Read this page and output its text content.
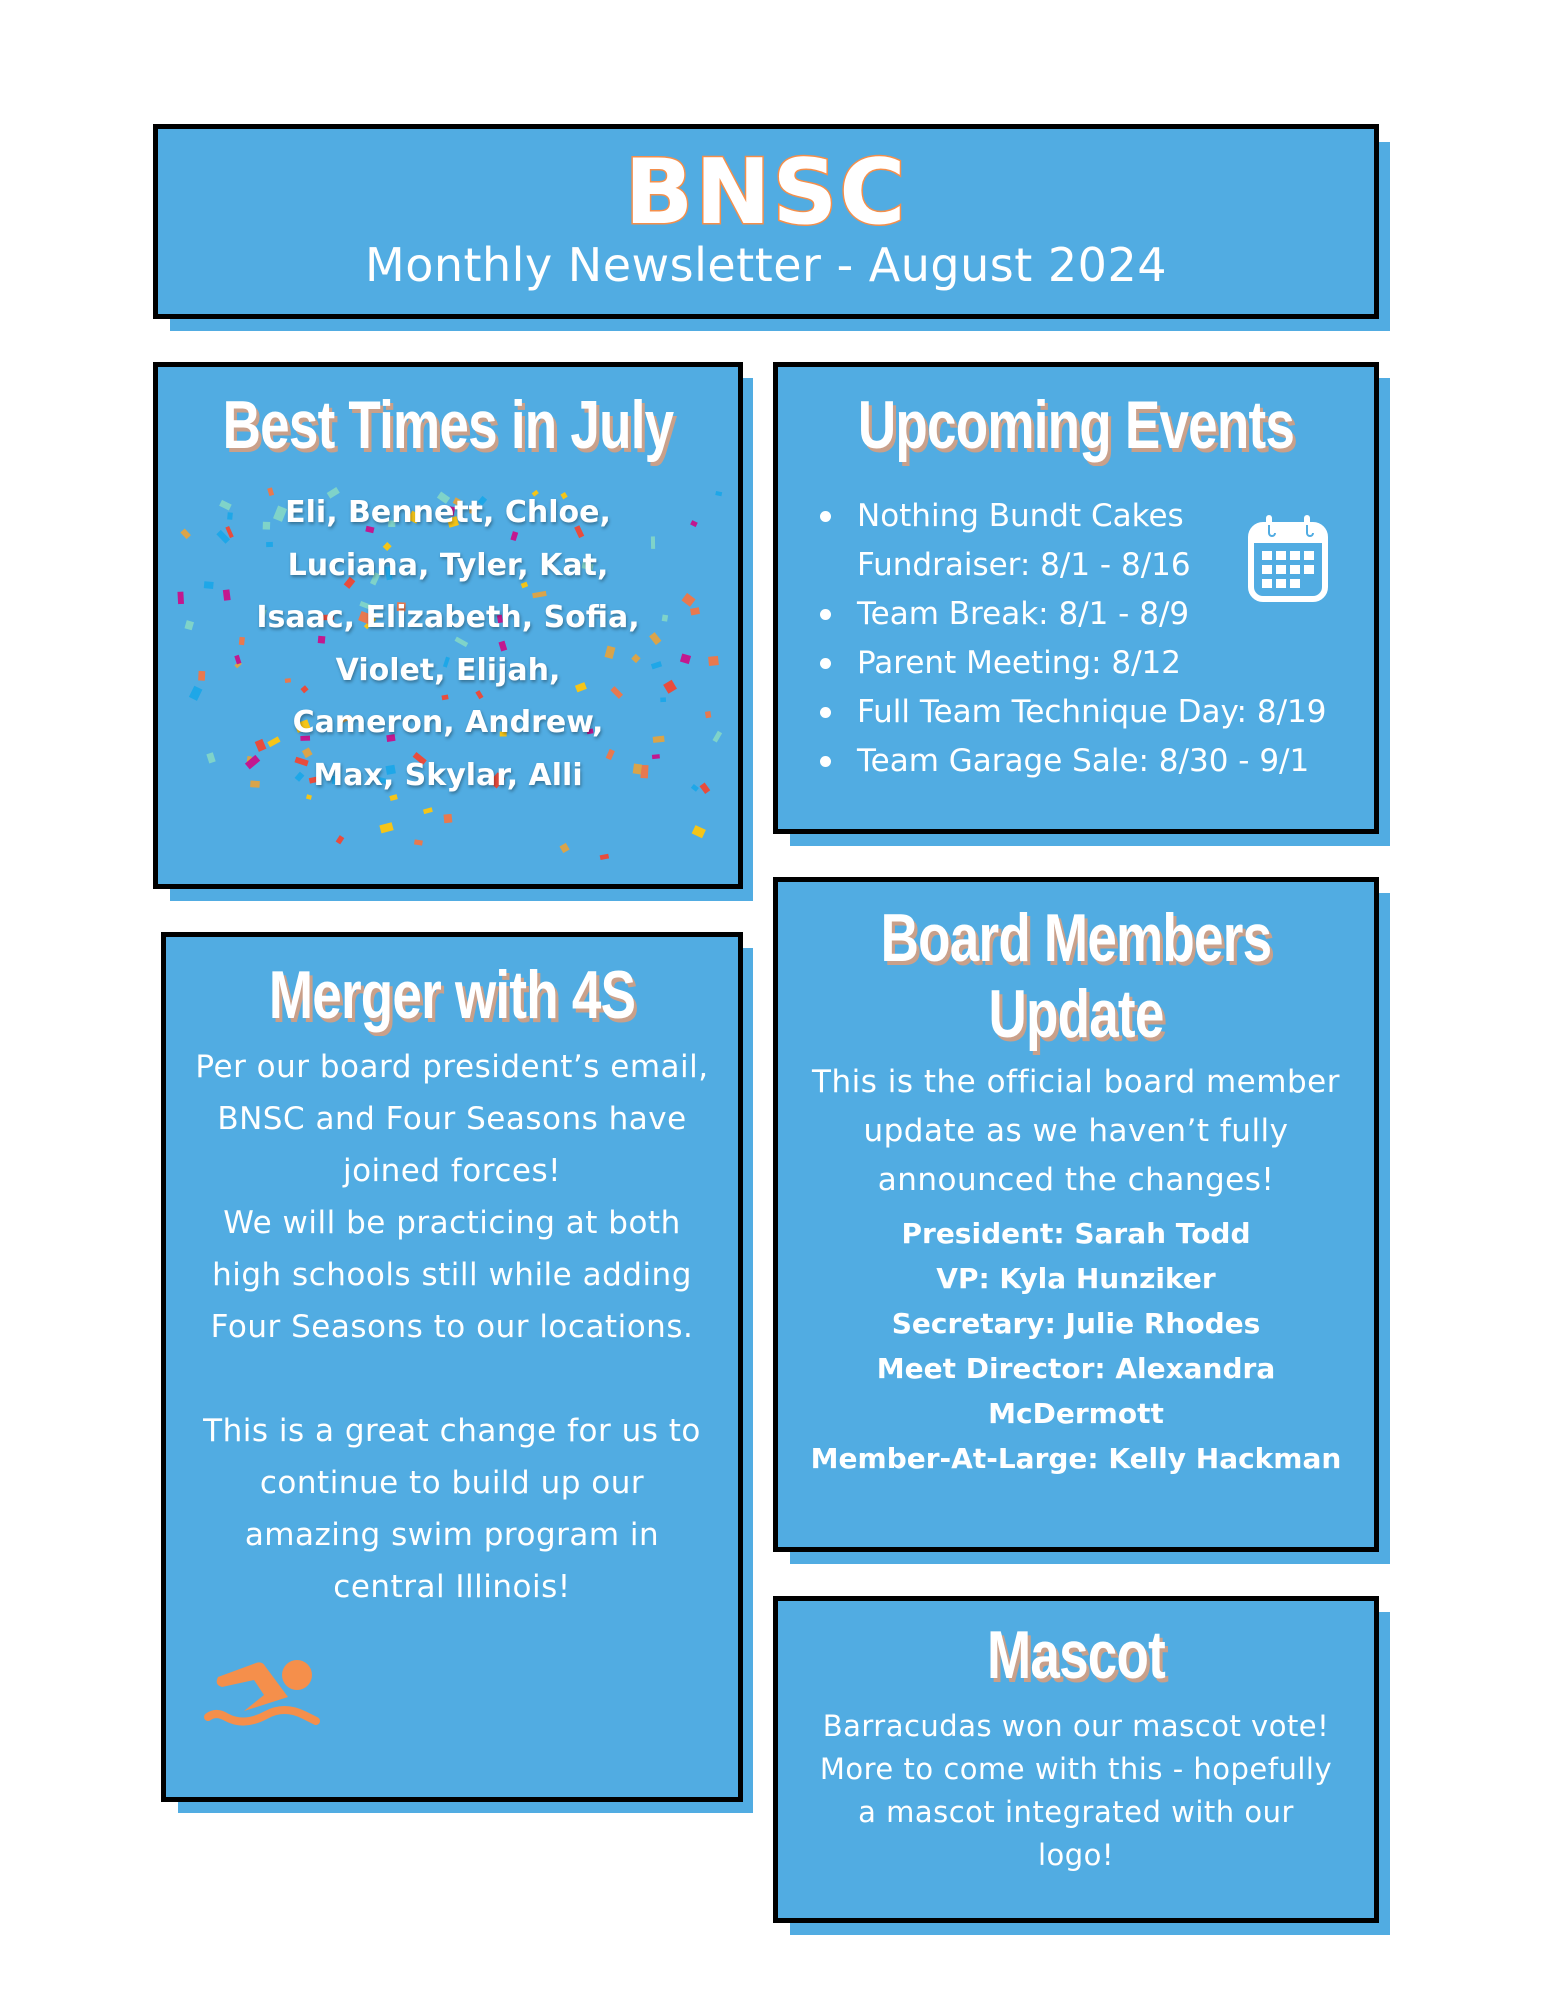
BNSC
Monthly Newsletter - August 2024
Best Times in July
Eli, Bennett, Chloe,
Luciana, Tyler, Kat,
Isaac, Elizabeth, Sofia,
Violet, Elijah,
Cameron, Andrew,
Max, Skylar, Alli
Upcoming Events
Nothing Bundt Cakes
Fundraiser: 8/1 - 8/16
Team Break: 8/1 - 8/9
Parent Meeting: 8/12
Full Team Technique Day: 8/19
Team Garage Sale: 8/30 - 9/1
Merger with 4S
Per our board president’s email,
BNSC and Four Seasons have
joined forces!
We will be practicing at both
high schools still while adding
Four Seasons to our locations.
This is a great change for us to
continue to build up our
amazing swim program in
central Illinois!
Board Members
Update
This is the official board member
update as we haven’t fully
announced the changes!
President: Sarah Todd
VP: Kyla Hunziker
Secretary: Julie Rhodes
Meet Director: Alexandra
McDermott
Member-At-Large: Kelly Hackman
Mascot
Barracudas won our mascot vote!
More to come with this - hopefully
a mascot integrated with our
logo!
